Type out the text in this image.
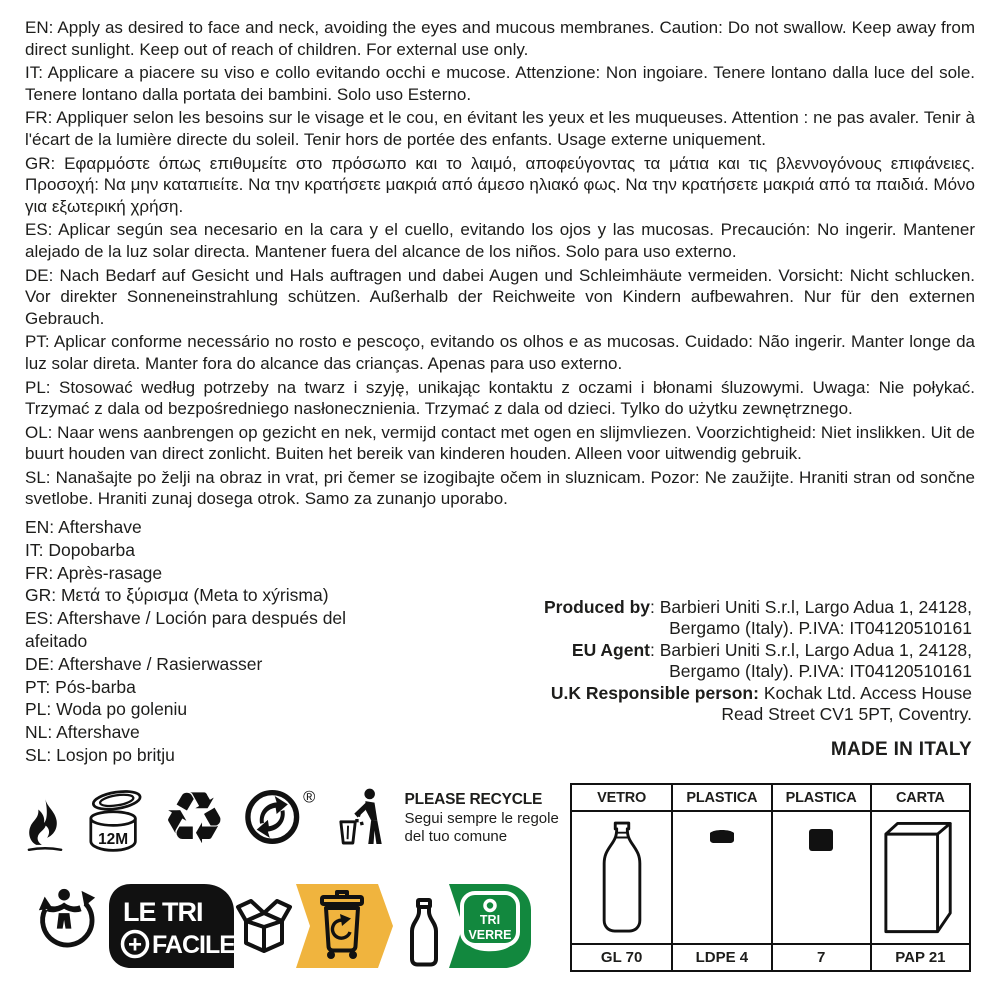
EN: Apply as desired to face and neck, avoiding the eyes and mucous membranes. Caution: Do not swallow. Keep away from direct sunlight. Keep out of reach of children. For external use only.

IT: Applicare a piacere su viso e collo evitando occhi e mucose. Attenzione: Non ingoiare. Tenere lontano dalla luce del sole. Tenere lontano dalla portata dei bambini. Solo uso Esterno.

FR: Appliquer selon les besoins sur le visage et le cou, en évitant les yeux et les muqueuses. Attention : ne pas avaler. Tenir à l'écart de la lumière directe du soleil. Tenir hors de portée des enfants. Usage externe uniquement.

GR: Εφαρμόστε όπως επιθυμείτε στο πρόσωπο και το λαιμό, αποφεύγοντας τα μάτια και τις βλεννογόνους επιφάνειες. Προσοχή: Να μην καταπιείτε. Να την κρατήσετε μακριά από άμεσο ηλιακό φως. Να την κρατήσετε μακριά από τα παιδιά. Μόνο για εξωτερική χρήση.

ES: Aplicar según sea necesario en la cara y el cuello, evitando los ojos y las mucosas. Precaución: No ingerir. Mantener alejado de la luz solar directa. Mantener fuera del alcance de los niños. Solo para uso externo.

DE: Nach Bedarf auf Gesicht und Hals auftragen und dabei Augen und Schleimhäute vermeiden. Vorsicht: Nicht schlucken. Vor direkter Sonneneinstrahlung schützen. Außerhalb der Reichweite von Kindern aufbewahren. Nur für den externen Gebrauch.

PT: Aplicar conforme necessário no rosto e pescoço, evitando os olhos e as mucosas. Cuidado: Não ingerir. Manter longe da luz solar direta. Manter fora do alcance das crianças. Apenas para uso externo.

PL: Stosować według potrzeby na twarz i szyję, unikając kontaktu z oczami i błonami śluzowymi. Uwaga: Nie połykać. Trzymać z dala od bezpośredniego nasłonecznienia. Trzymać z dala od dzieci. Tylko do użytku zewnętrznego.

OL: Naar wens aanbrengen op gezicht en nek, vermijd contact met ogen en slijmvliezen. Voorzichtigheid: Niet inslikken. Uit de buurt houden van direct zonlicht. Buiten het bereik van kinderen houden. Alleen voor uitwendig gebruik.

SL: Nanašajte po želji na obraz in vrat, pri čemer se izogibajte očem in sluznicam. Pozor: Ne zaužijte. Hraniti stran od sončne svetlobe. Hraniti zunaj dosega otrok. Samo za zunanjo uporabo.

EN: Aftershave
IT: Dopobarba
FR: Après-rasage
GR: Μετά το ξύρισμα (Meta to xýrisma)
ES: Aftershave / Loción para después del afeitado
DE: Aftershave / Rasierwasser
PT: Pós-barba
PL: Woda po goleniu
NL: Aftershave
SL: Losjon po britju
Produced by: Barbieri Uniti S.r.l, Largo Adua 1, 24128,
Bergamo (Italy). P.IVA: IT04120510161
EU Agent: Barbieri Uniti S.r.l, Largo Adua 1, 24128,
Bergamo (Italy). P.IVA: IT04120510161
U.K Responsible person: Kochak Ltd. Access House
Read Street CV1 5PT, Coventry.
MADE IN ITALY
12M ♻	®	PLEASE RECYCLE
Segui sempre le regole
del tuo comune
VETRO	PLASTICA	PLASTICA	CARTA
GL 70	LDPE 4	7	PAP 21
LE TRI
+ FACILE
TRI
VERRE
